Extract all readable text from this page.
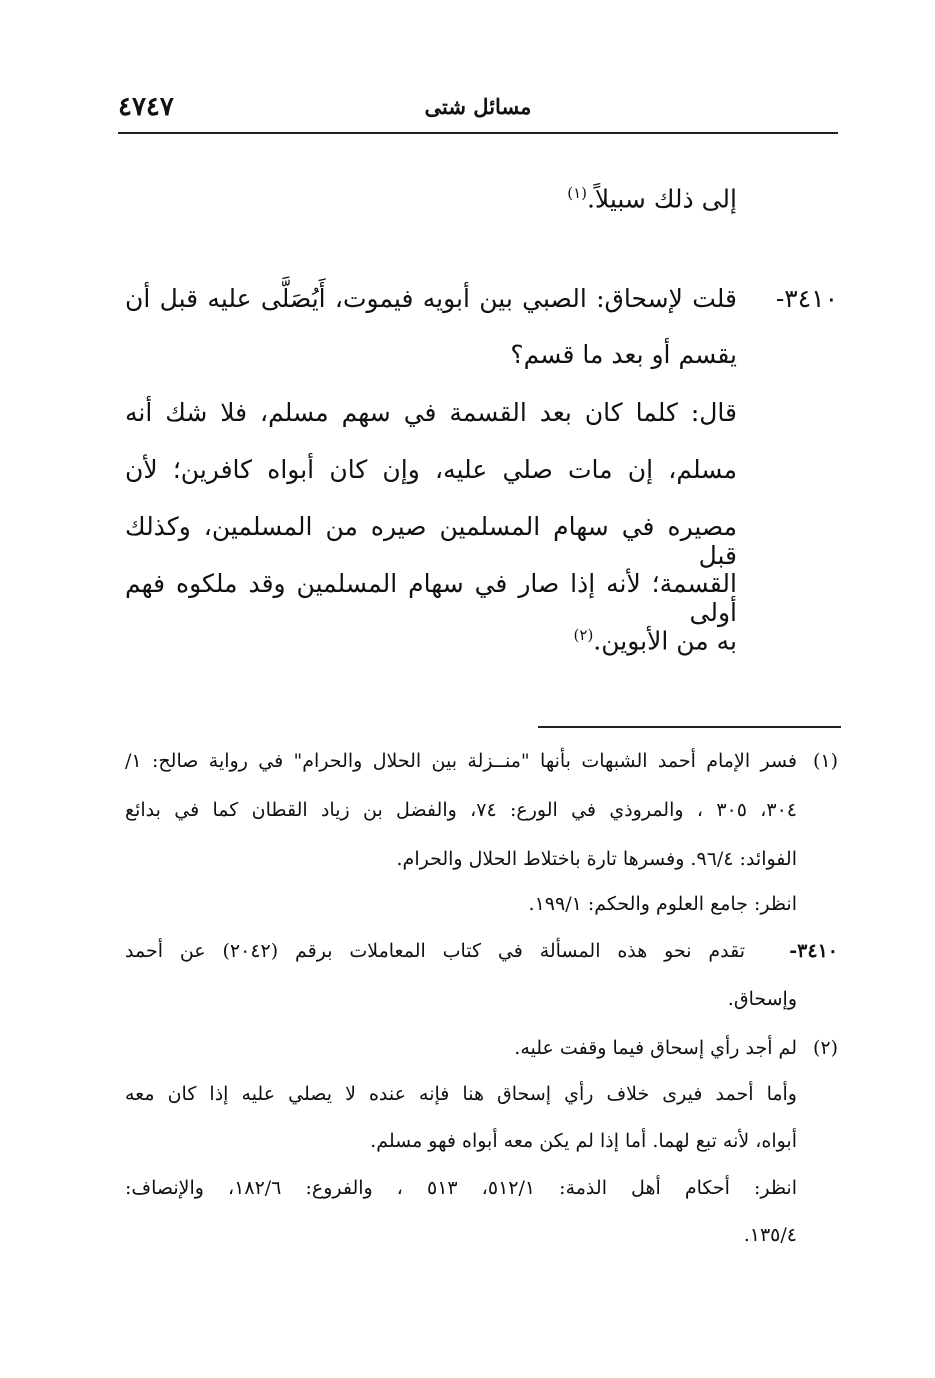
٤٧٤٧	مسائل شتى
إلى ذلك سبيلاً.$^{(١)}$
٣٤١٠-
قلت لإسحاق: الصبي بين أبويه فيموت، أَيُصَلَّى عليه قبل أن
يقسم أو بعد ما قسم؟
قال: كلما كان بعد القسمة في سهم مسلم، فلا شك أنه
مسلم، إن مات صلي عليه، وإن كان أبواه كافرين؛ لأن
مصيره في سهام المسلمين صيره من المسلمين، وكذلك قبل
القسمة؛ لأنه إذا صار في سهام المسلمين وقد ملكوه فهم أولى
به من الأبوين.$^{(٢)}$
(١)
فسر الإمام أحمد الشبهات بأنها "منــزلة بين الحلال والحرام" في رواية صالح: ١/
٣٠٤، ٣٠٥ ، والمروذي في الورع: ٧٤، والفضل بن زياد القطان كما في بدائع
الفوائد: ٩٦/٤. وفسرها تارة باختلاط الحلال والحرام.
انظر: جامع العلوم والحكم: ١٩٩/١.
٣٤١٠-
تقدم نحو هذه المسألة في كتاب المعاملات برقم (٢٠٤٢) عن أحمد
وإسحاق.
(٢)
لم أجد رأي إسحاق فيما وقفت عليه.
وأما أحمد فيرى خلاف رأي إسحاق هنا فإنه عنده لا يصلي عليه إذا كان معه
أبواه، لأنه تبع لهما. أما إذا لم يكن معه أبواه فهو مسلم.
انظر: أحكام أهل الذمة: ٥١٢/١، ٥١٣ ، والفروع: ١٨٢/٦، والإنصاف:
١٣٥/٤.
